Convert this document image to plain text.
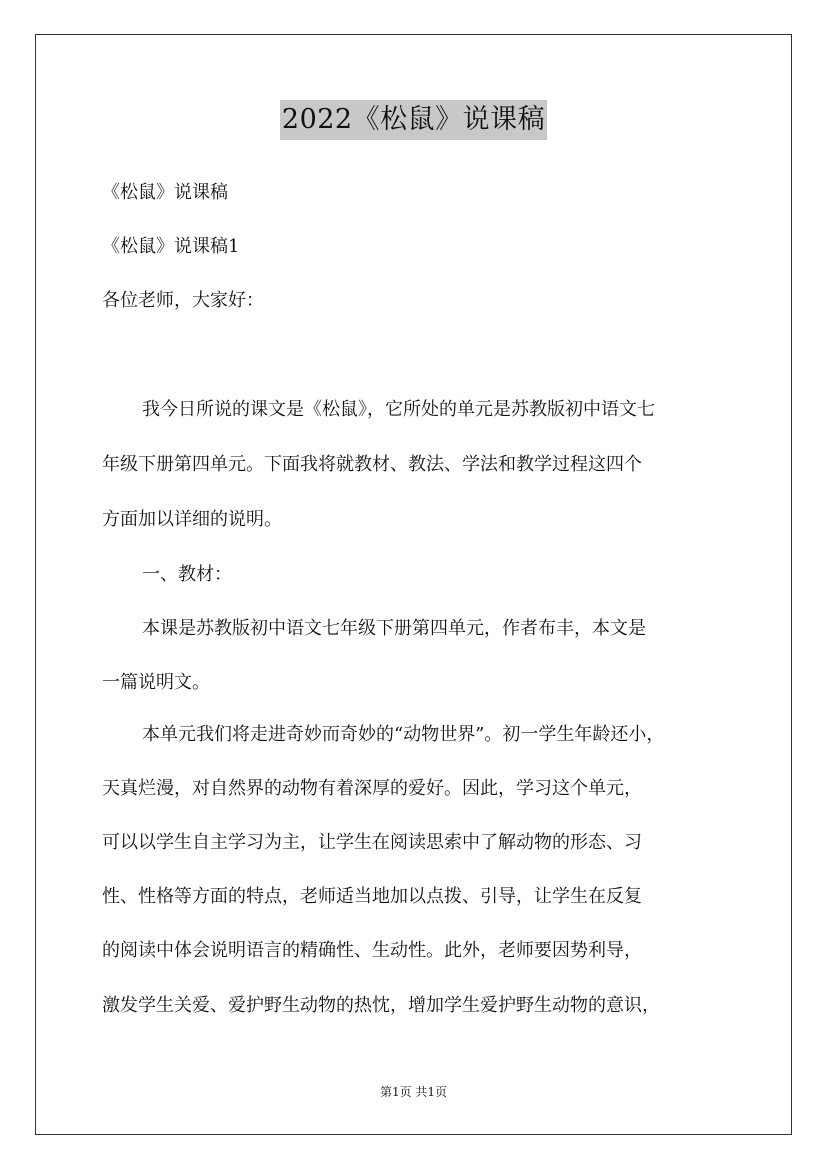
2022《松鼠》说课稿
《松鼠》说课稿
《松鼠》说课稿1
各位老师，大家好：
我今日所说的课文是《松鼠》，它所处的单元是苏教版初中语文七
年级下册第四单元。下面我将就教材、教法、学法和教学过程这四个
方面加以详细的说明。
一、教材：
本课是苏教版初中语文七年级下册第四单元，作者布丰，本文是
一篇说明文。
本单元我们将走进奇妙而奇妙的“动物世界”。初一学生年龄还小，
天真烂漫，对自然界的动物有着深厚的爱好。因此，学习这个单元，
可以以学生自主学习为主，让学生在阅读思索中了解动物的形态、习
性、性格等方面的特点，老师适当地加以点拨、引导，让学生在反复
的阅读中体会说明语言的精确性、生动性。此外，老师要因势利导，
激发学生关爱、爱护野生动物的热忱，增加学生爱护野生动物的意识，
第1页 共1页
